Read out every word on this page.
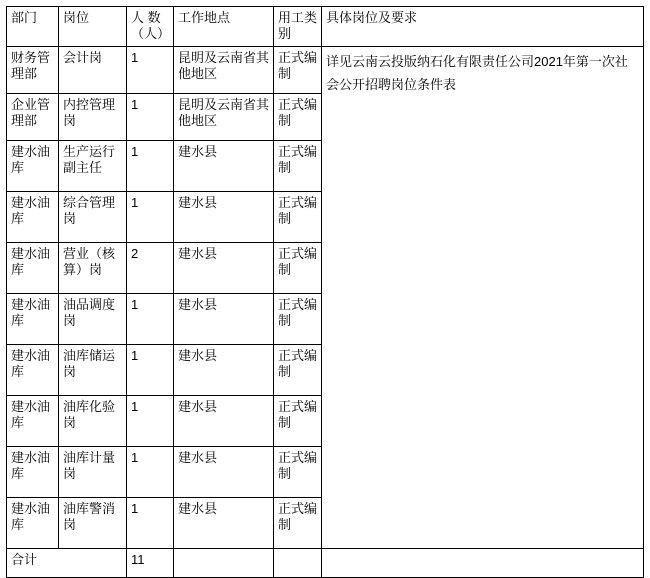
部门	岗位	人 数（人）	工作地点	用工类别	具体岗位及要求
财务管理部	会计岗	1	昆明及云南省其他地区	正式编制	详见云南云投版纳石化有限责任公司2021年第一次社会公开招聘岗位条件表
企业管理部	内控管理岗	1	昆明及云南省其他地区	正式编制	
建水油库	生产运行副主任	1	建水县	正式编制	
建水油库	综合管理岗	1	建水县	正式编制	
建水油库	营业（核算）岗	2	建水县	正式编制	
建水油库	油品调度岗	1	建水县	正式编制	
建水油库	油库储运岗	1	建水县	正式编制	
建水油库	油库化验岗	1	建水县	正式编制	
建水油库	油库计量岗	1	建水县	正式编制	
建水油库	油库警消岗	1	建水县	正式编制	
合计		11			
